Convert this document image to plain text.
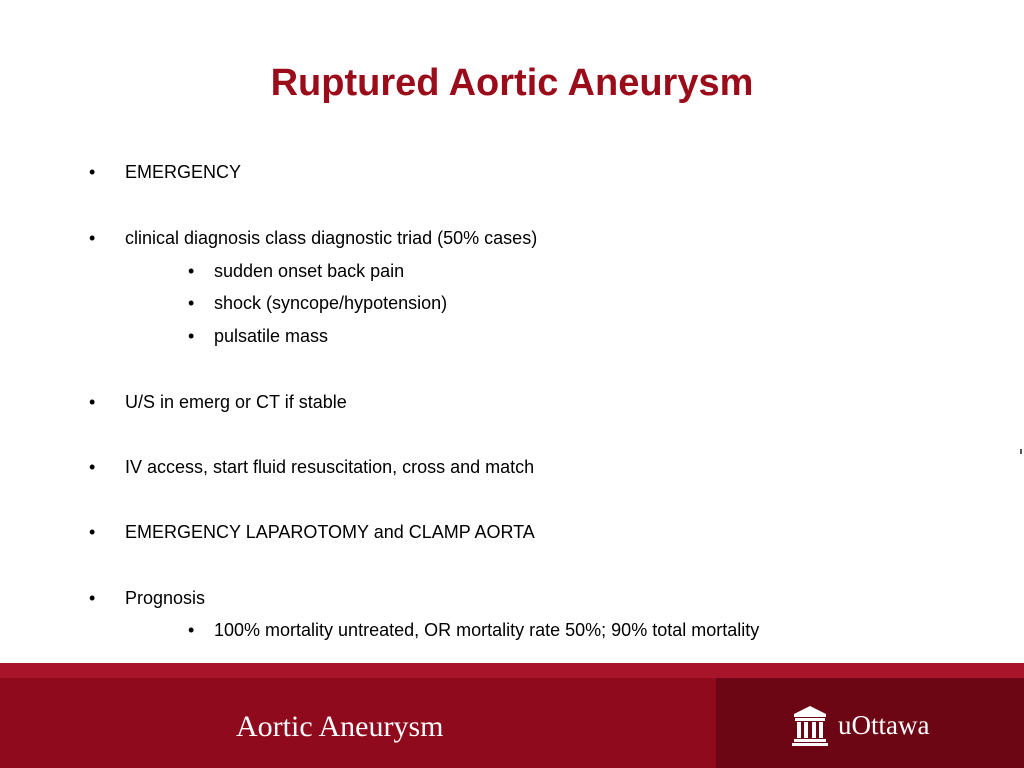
Ruptured Aortic Aneurysm
• EMERGENCY
• clinical diagnosis class diagnostic triad (50% cases)
• sudden onset back pain
• shock (syncope/hypotension)
• pulsatile mass
• U/S in emerg or CT if stable
• IV access, start fluid resuscitation, cross and match
• EMERGENCY LAPAROTOMY and CLAMP AORTA
• Prognosis
• 100% mortality untreated, OR mortality rate 50%; 90% total mortality
Aortic Aneurysm	uOttawa
